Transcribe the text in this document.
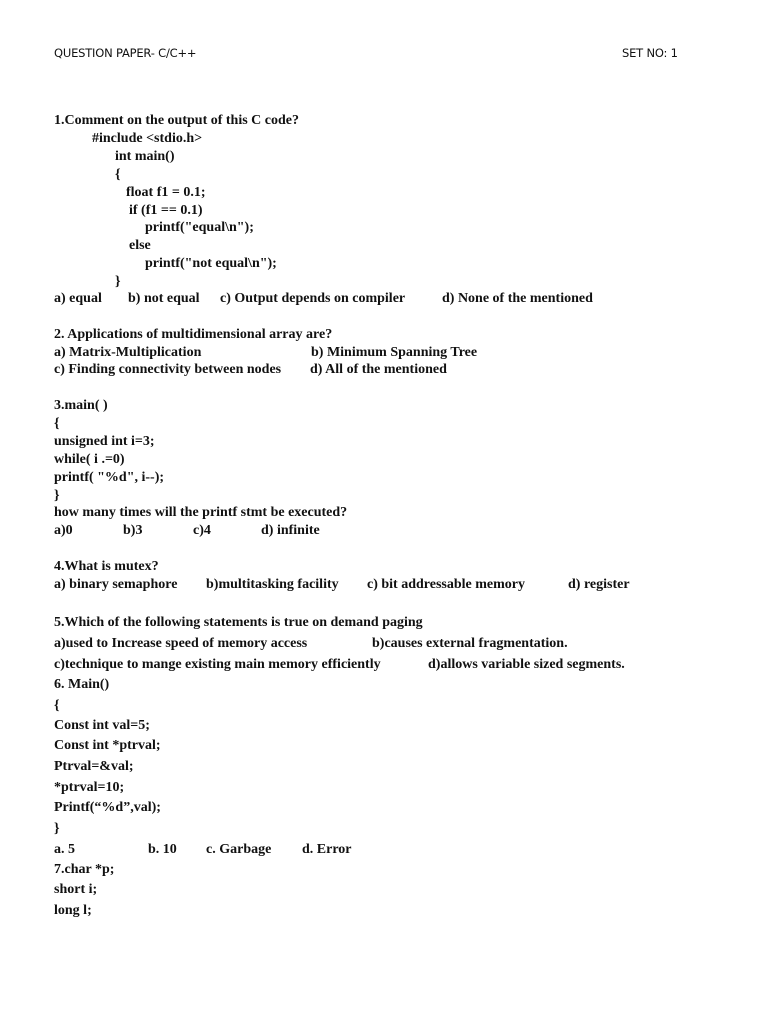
QUESTION PAPER- C/C++	SET NO: 1
1.Comment on the output of this C code?
#include <stdio.h>
int main()
{
float f1 = 0.1;
if (f1 == 0.1)
printf("equal\n");
else
printf("not equal\n");
}
a) equal b) not equal c) Output depends on compiler	d) None of the mentioned
2. Applications of multidimensional array are?
a) Matrix-Multiplication	b) Minimum Spanning Tree
c) Finding connectivity between nodes d) All of the mentioned
3.main( )
{
unsigned int i=3;
while( i .=0)
printf( "%d", i--);
}
how many times will the printf stmt be executed?
a)0	b)3	c)4	d) infinite
4.What is mutex?
a) binary semaphore b)multitasking facility c) bit addressable memory	d) register
5.Which of the following statements is true on demand paging
a)used to Increase speed of memory access	b)causes external fragmentation.
c)technique to mange existing main memory efficiently	d)allows variable sized segments.
6. Main()
{
Const int val=5;
Const int *ptrval;
Ptrval=&val;
*ptrval=10;
Printf(“%d”,val);
}
a. 5	b. 10 c. Garbage d. Error
7.char *p;
short i;
long l;
